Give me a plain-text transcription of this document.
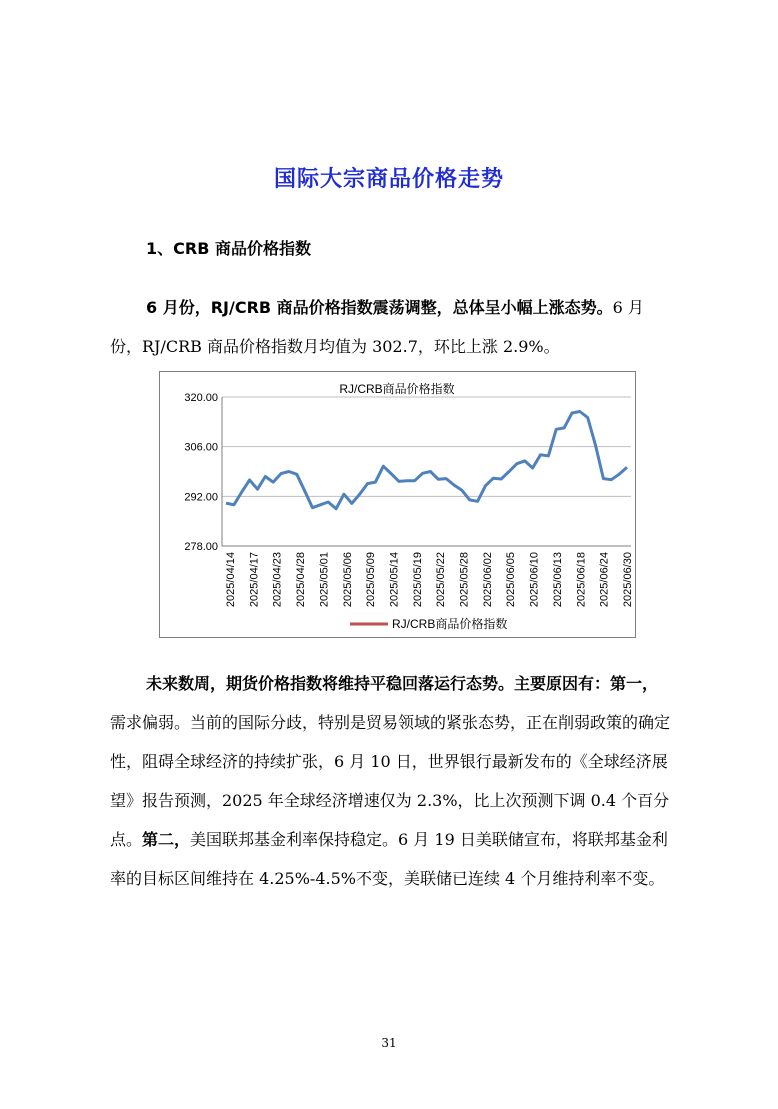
国际大宗商品价格走势
1、CRB 商品价格指数
6 月份，RJ/CRB 商品价格指数震荡调整，总体呈小幅上涨态势。6 月份，RJ/CRB 商品价格指数月均值为 302.7，环比上涨 2.9%。
RJ/CRB商品价格指数
278.00
292.00
306.00
320.00
2025/04/14 2025/04/17 2025/04/23 2025/04/28 2025/05/01 2025/05/06 2025/05/09 2025/05/14 2025/05/19 2025/05/22 2025/05/28 2025/06/02 2025/06/05 2025/06/10 2025/06/13 2025/06/18 2025/06/24 2025/06/30
RJ/CRB商品价格指数
未来数周，期货价格指数将维持平稳回落运行态势。主要原因有：第一，需求偏弱。当前的国际分歧，特别是贸易领域的紧张态势，正在削弱政策的确定性，阻碍全球经济的持续扩张，6 月 10 日，世界银行最新发布的《全球经济展望》报告预测，2025 年全球经济增速仅为 2.3%，比上次预测下调 0.4 个百分点。第二，美国联邦基金利率保持稳定。6 月 19 日美联储宣布，将联邦基金利率的目标区间维持在 4.25%-4.5%不变，美联储已连续 4 个月维持利率不变。
31
